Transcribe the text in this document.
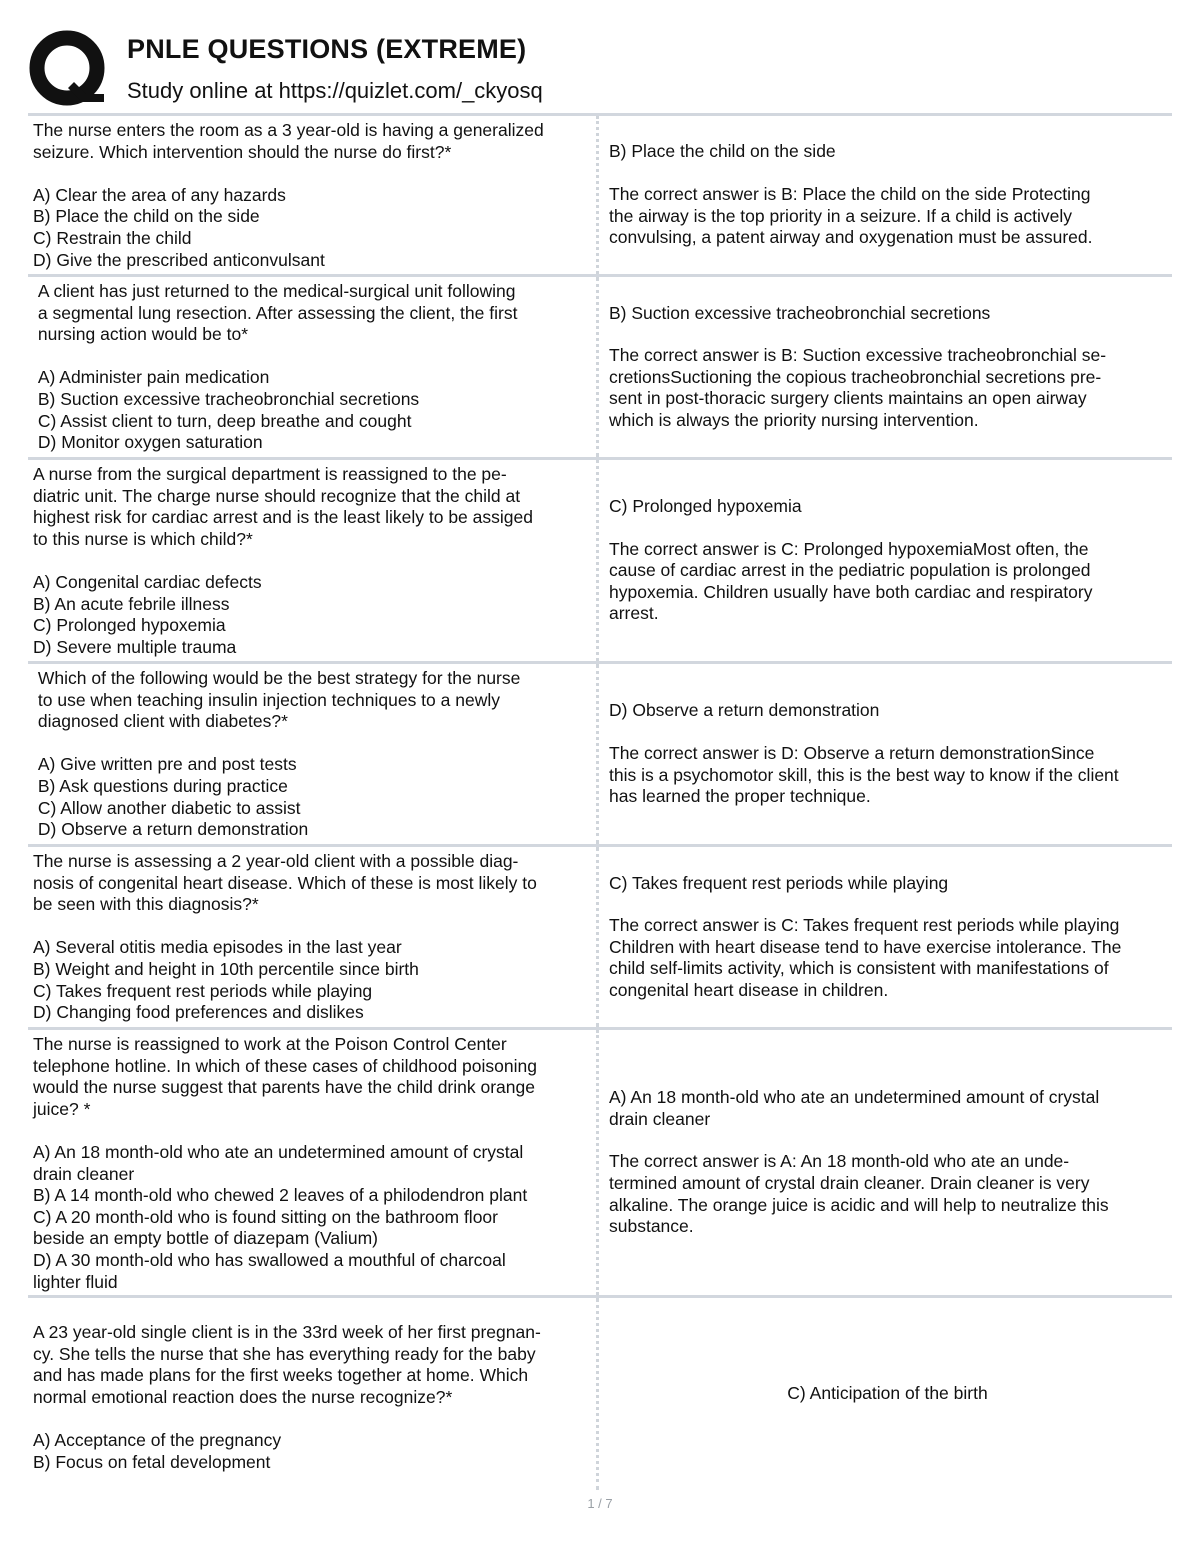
PNLE QUESTIONS (EXTREME)
Study online at https://quizlet.com/_ckyosq
The nurse enters the room as a 3 year-old is having a generalized
seizure. Which intervention should the nurse do first?*

A) Clear the area of any hazards
B) Place the child on the side
C) Restrain the child
D) Give the prescribed anticonvulsant
B) Place the child on the side
The correct answer is B: Place the child on the side Protecting
the airway is the top priority in a seizure. If a child is actively
convulsing, a patent airway and oxygenation must be assured.
A client has just returned to the medical-surgical unit following
a segmental lung resection. After assessing the client, the first
nursing action would be to*

A) Administer pain medication
B) Suction excessive tracheobronchial secretions
C) Assist client to turn, deep breathe and cought
D) Monitor oxygen saturation
B) Suction excessive tracheobronchial secretions
The correct answer is B: Suction excessive tracheobronchial se-
cretionsSuctioning the copious tracheobronchial secretions pre-
sent in post-thoracic surgery clients maintains an open airway
which is always the priority nursing intervention.
A nurse from the surgical department is reassigned to the pe-
diatric unit. The charge nurse should recognize that the child at
highest risk for cardiac arrest and is the least likely to be assiged
to this nurse is which child?*

A) Congenital cardiac defects
B) An acute febrile illness
C) Prolonged hypoxemia
D) Severe multiple trauma
C) Prolonged hypoxemia
The correct answer is C: Prolonged hypoxemiaMost often, the
cause of cardiac arrest in the pediatric population is prolonged
hypoxemia. Children usually have both cardiac and respiratory
arrest.
Which of the following would be the best strategy for the nurse
to use when teaching insulin injection techniques to a newly
diagnosed client with diabetes?*

A) Give written pre and post tests
B) Ask questions during practice
C) Allow another diabetic to assist
D) Observe a return demonstration
D) Observe a return demonstration
The correct answer is D: Observe a return demonstrationSince
this is a psychomotor skill, this is the best way to know if the client
has learned the proper technique.
The nurse is assessing a 2 year-old client with a possible diag-
nosis of congenital heart disease. Which of these is most likely to
be seen with this diagnosis?*

A) Several otitis media episodes in the last year
B) Weight and height in 10th percentile since birth
C) Takes frequent rest periods while playing
D) Changing food preferences and dislikes
C) Takes frequent rest periods while playing
The correct answer is C: Takes frequent rest periods while playing
Children with heart disease tend to have exercise intolerance. The
child self-limits activity, which is consistent with manifestations of
congenital heart disease in children.
The nurse is reassigned to work at the Poison Control Center
telephone hotline. In which of these cases of childhood poisoning
would the nurse suggest that parents have the child drink orange
juice? *

A) An 18 month-old who ate an undetermined amount of crystal
drain cleaner
B) A 14 month-old who chewed 2 leaves of a philodendron plant
C) A 20 month-old who is found sitting on the bathroom floor
beside an empty bottle of diazepam (Valium)
D) A 30 month-old who has swallowed a mouthful of charcoal
lighter fluid
A) An 18 month-old who ate an undetermined amount of crystal
drain cleaner
The correct answer is A: An 18 month-old who ate an unde-
termined amount of crystal drain cleaner. Drain cleaner is very
alkaline. The orange juice is acidic and will help to neutralize this
substance.
A 23 year-old single client is in the 33rd week of her first pregnan-
cy. She tells the nurse that she has everything ready for the baby
and has made plans for the first weeks together at home. Which
normal emotional reaction does the nurse recognize?*

A) Acceptance of the pregnancy
B) Focus on fetal development
C) Anticipation of the birth
1 / 7
